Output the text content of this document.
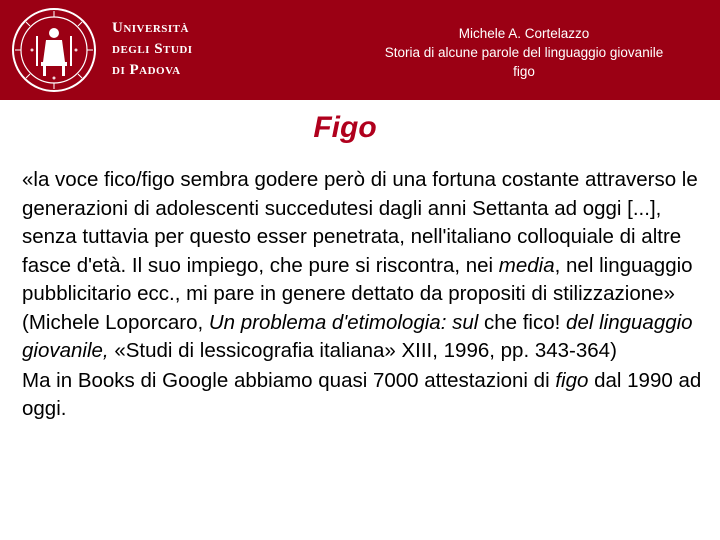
Università
degli Studi
di Padova
Michele A. Cortelazzo
Storia di alcune parole del linguaggio giovanile
figo
Figo

«la voce fico/figo sembra godere però di una fortuna costante attraverso le generazioni di adolescenti succedutesi dagli anni Settanta ad oggi [...], senza tuttavia per questo esser penetrata, nell'italiano colloquiale di altre fasce d'età. Il suo impiego, che pure si riscontra, nei media, nel linguaggio pubblicitario ecc., mi pare in genere dettato da propositi di stilizzazione» (Michele Loporcaro, Un problema d'etimologia: sul che fico! del linguaggio giovanile, «Studi di lessicografia italiana» XIII, 1996, pp. 343-364)

Ma in Books di Google abbiamo quasi 7000 attestazioni di figo dal 1990 ad oggi.
